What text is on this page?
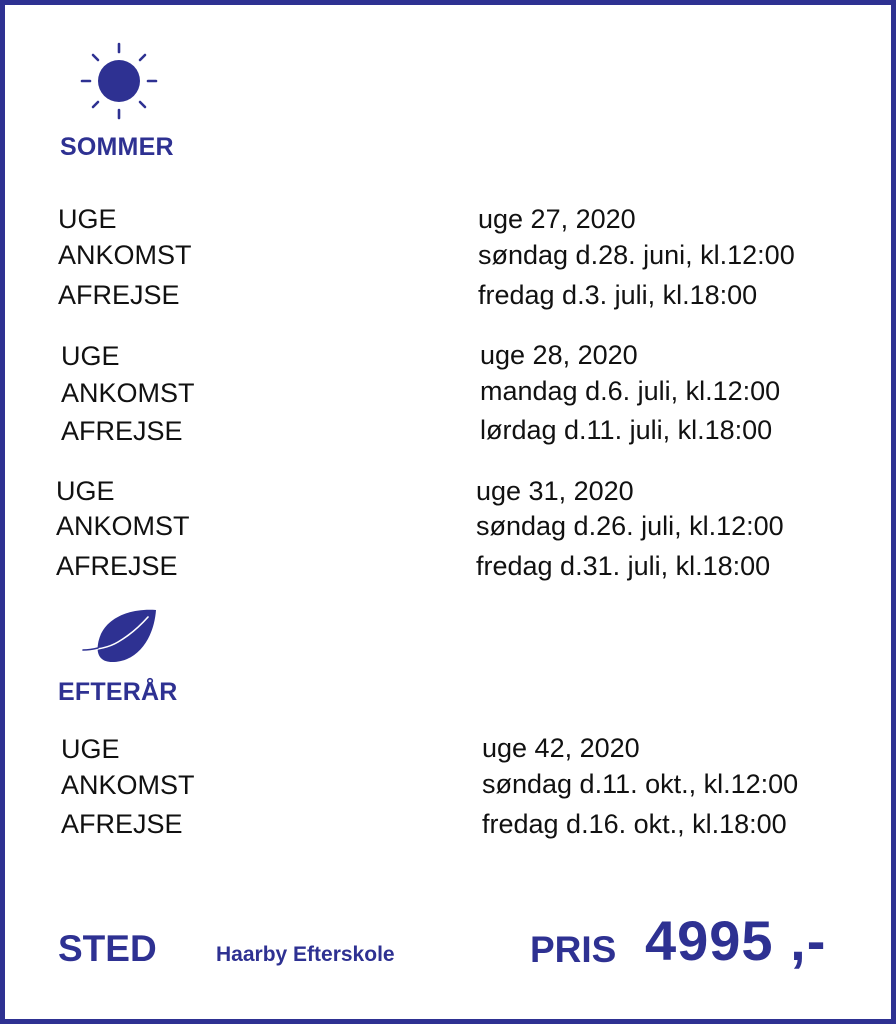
SOMMER
UGE	uge 27, 2020
ANKOMST	søndag d.28. juni, kl.12:00
AFREJSE	fredag d.3. juli, kl.18:00
UGE	uge 28, 2020
ANKOMST	mandag d.6. juli, kl.12:00
AFREJSE	lørdag d.11. juli, kl.18:00
UGE	uge 31, 2020
ANKOMST	søndag d.26. juli, kl.12:00
AFREJSE	fredag d.31. juli, kl.18:00
EFTERÅR
UGE	uge 42, 2020
ANKOMST	søndag d.11. okt., kl.12:00
AFREJSE	fredag d.16. okt., kl.18:00
STED	Haarby Efterskole	PRIS 4995 ,-
